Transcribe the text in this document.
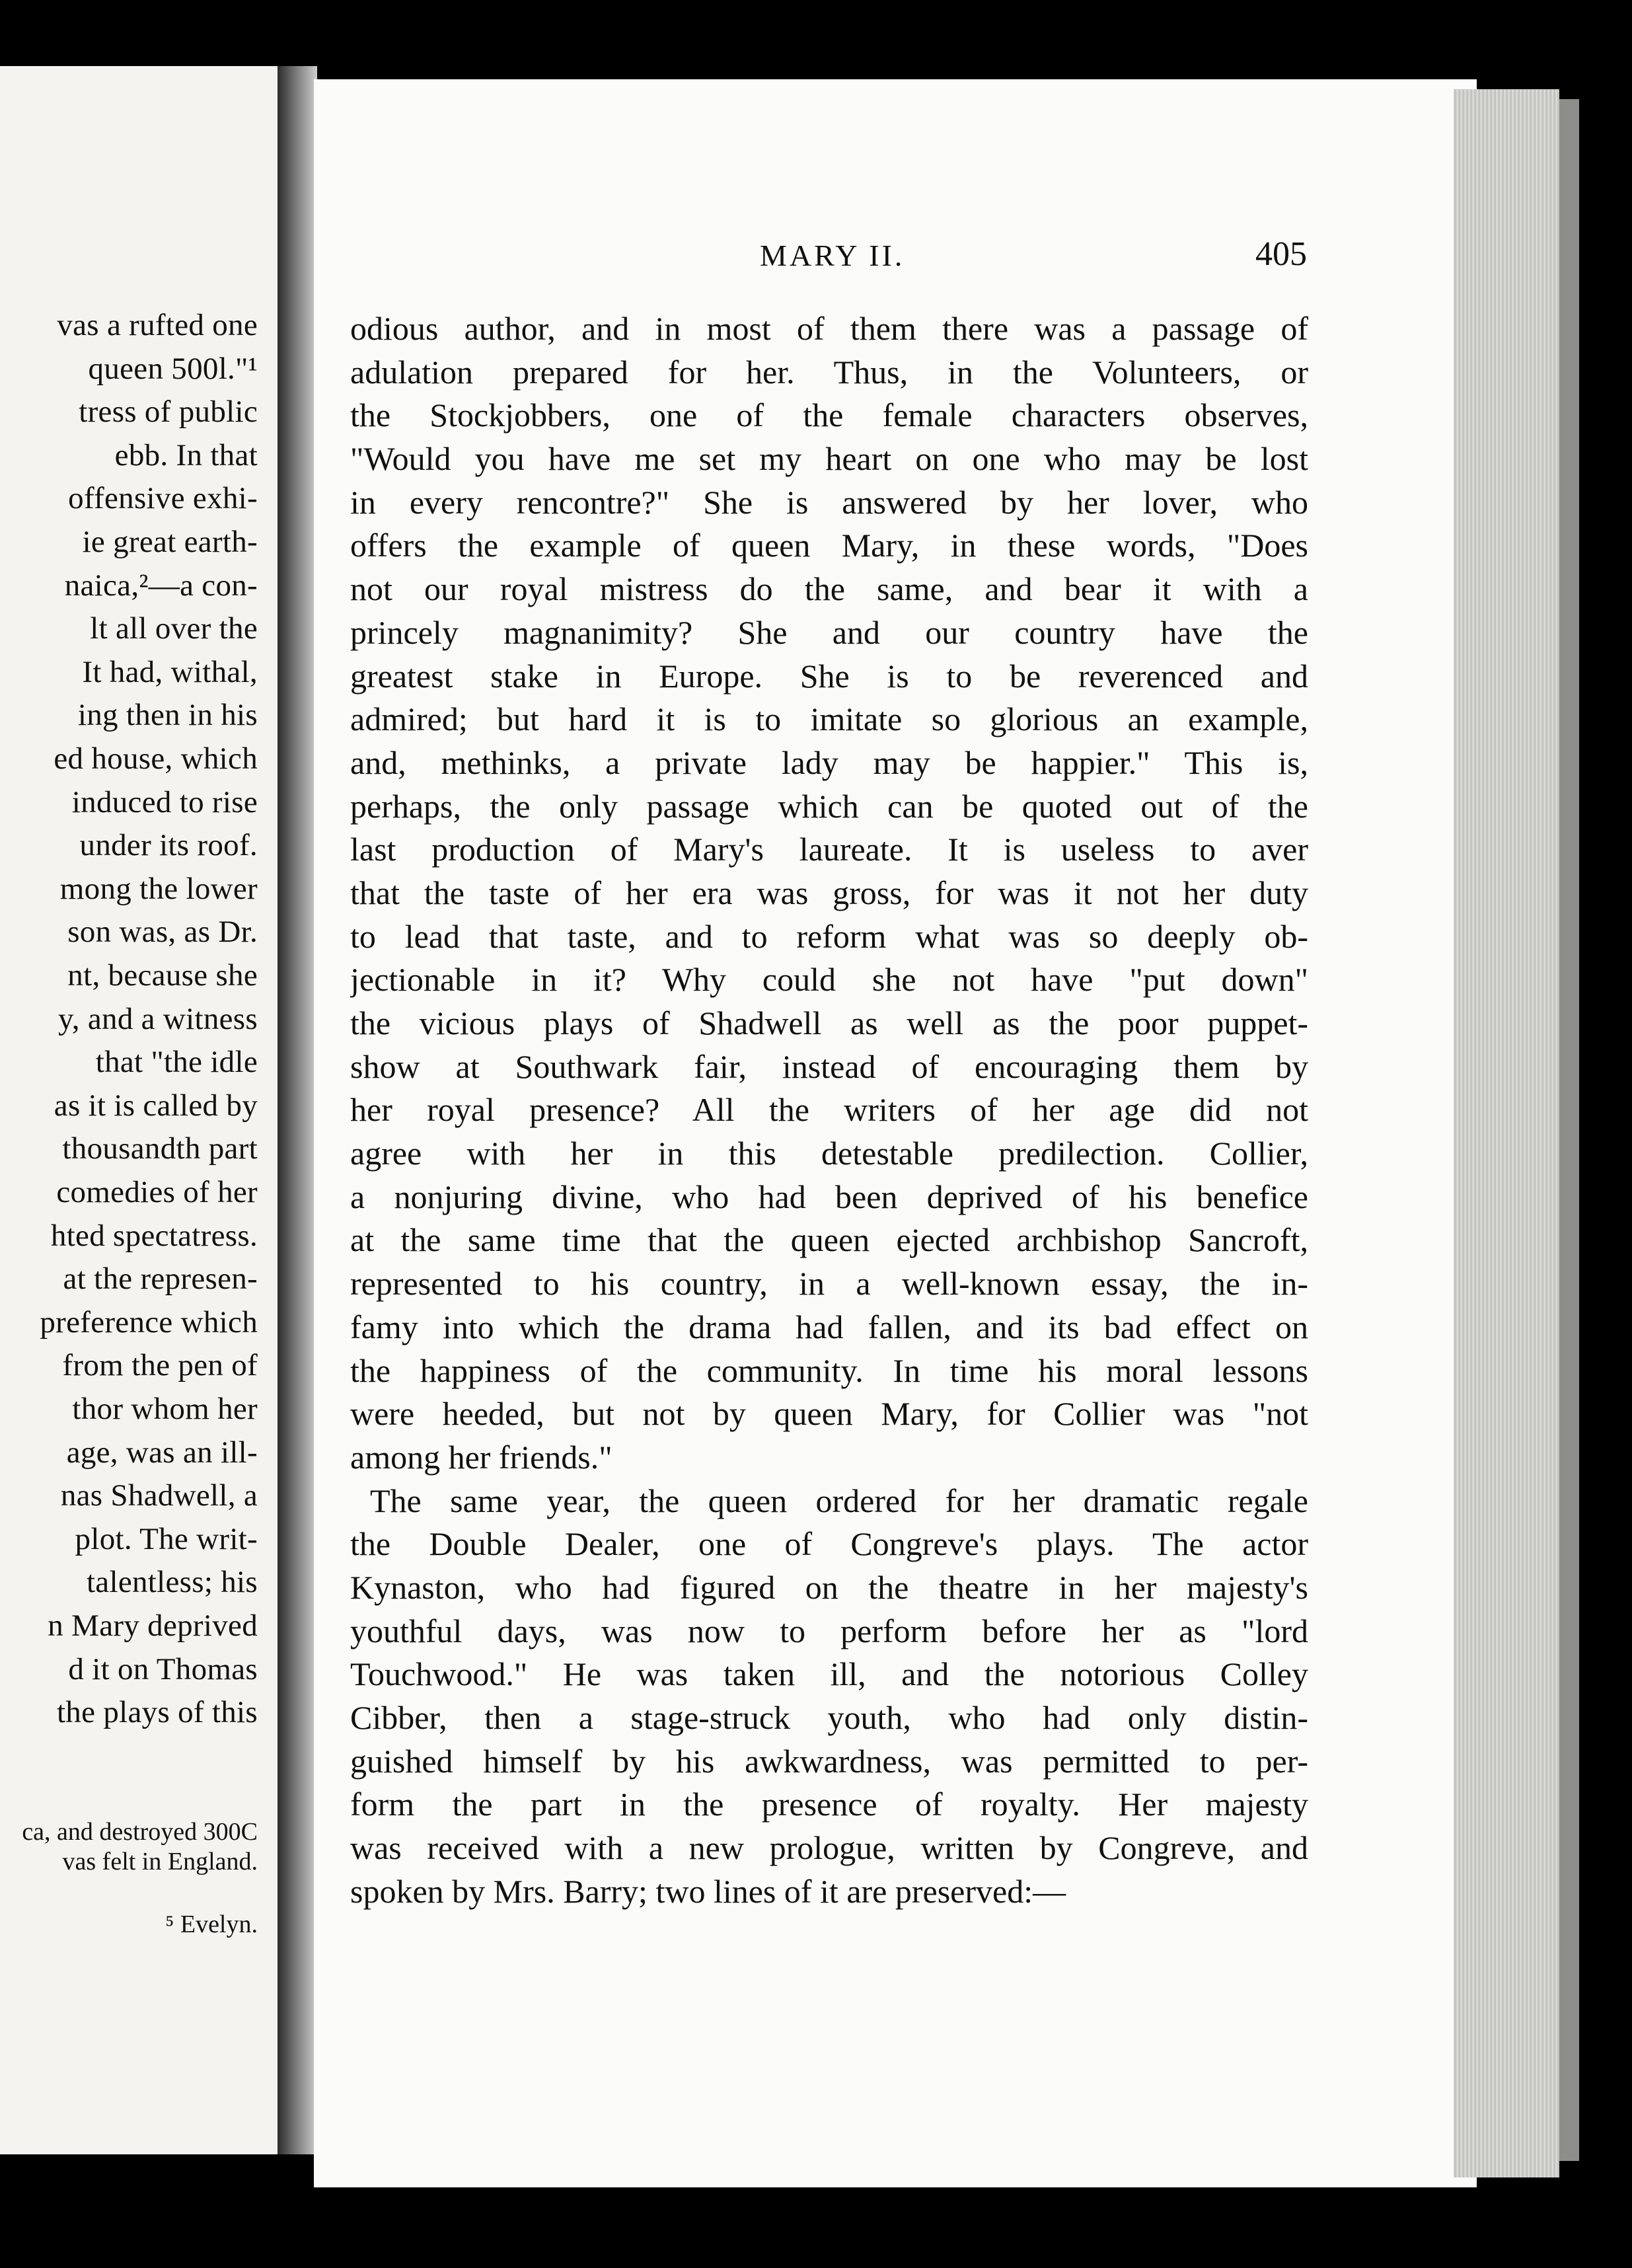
vas a rufted one
queen 500l."¹
tress of public
ebb. In that
offensive exhi-
ie great earth-
naica,²—a con-
lt all over the
It had, withal,
ing then in his
ed house, which
induced to rise
under its roof.
mong the lower
son was, as Dr.
nt, because she
y, and a witness
that "the idle
as it is called by
thousandth part
comedies of her
hted spectatress.
at the represen-
preference which
from the pen of
thor whom her
age, was an ill-
nas Shadwell, a
plot. The writ-
talentless; his
n Mary deprived
d it on Thomas
the plays of this
ca, and destroyed 300C
vas felt in England.
⁵ Evelyn.
MARY II.	405
odious author, and in most of them there was a passage of
adulation prepared for her. Thus, in the Volunteers, or
the Stockjobbers, one of the female characters observes,
"Would you have me set my heart on one who may be lost
in every rencontre?" She is answered by her lover, who
offers the example of queen Mary, in these words, "Does
not our royal mistress do the same, and bear it with a
princely magnanimity? She and our country have the
greatest stake in Europe. She is to be reverenced and
admired; but hard it is to imitate so glorious an example,
and, methinks, a private lady may be happier." This is,
perhaps, the only passage which can be quoted out of the
last production of Mary's laureate. It is useless to aver
that the taste of her era was gross, for was it not her duty
to lead that taste, and to reform what was so deeply ob-
jectionable in it? Why could she not have "put down"
the vicious plays of Shadwell as well as the poor puppet-
show at Southwark fair, instead of encouraging them by
her royal presence? All the writers of her age did not
agree with her in this detestable predilection. Collier,
a nonjuring divine, who had been deprived of his benefice
at the same time that the queen ejected archbishop Sancroft,
represented to his country, in a well-known essay, the in-
famy into which the drama had fallen, and its bad effect on
the happiness of the community. In time his moral lessons
were heeded, but not by queen Mary, for Collier was "not
among her friends."
The same year, the queen ordered for her dramatic regale
the Double Dealer, one of Congreve's plays. The actor
Kynaston, who had figured on the theatre in her majesty's
youthful days, was now to perform before her as "lord
Touchwood." He was taken ill, and the notorious Colley
Cibber, then a stage-struck youth, who had only distin-
guished himself by his awkwardness, was permitted to per-
form the part in the presence of royalty. Her majesty
was received with a new prologue, written by Congreve, and
spoken by Mrs. Barry; two lines of it are preserved:—
